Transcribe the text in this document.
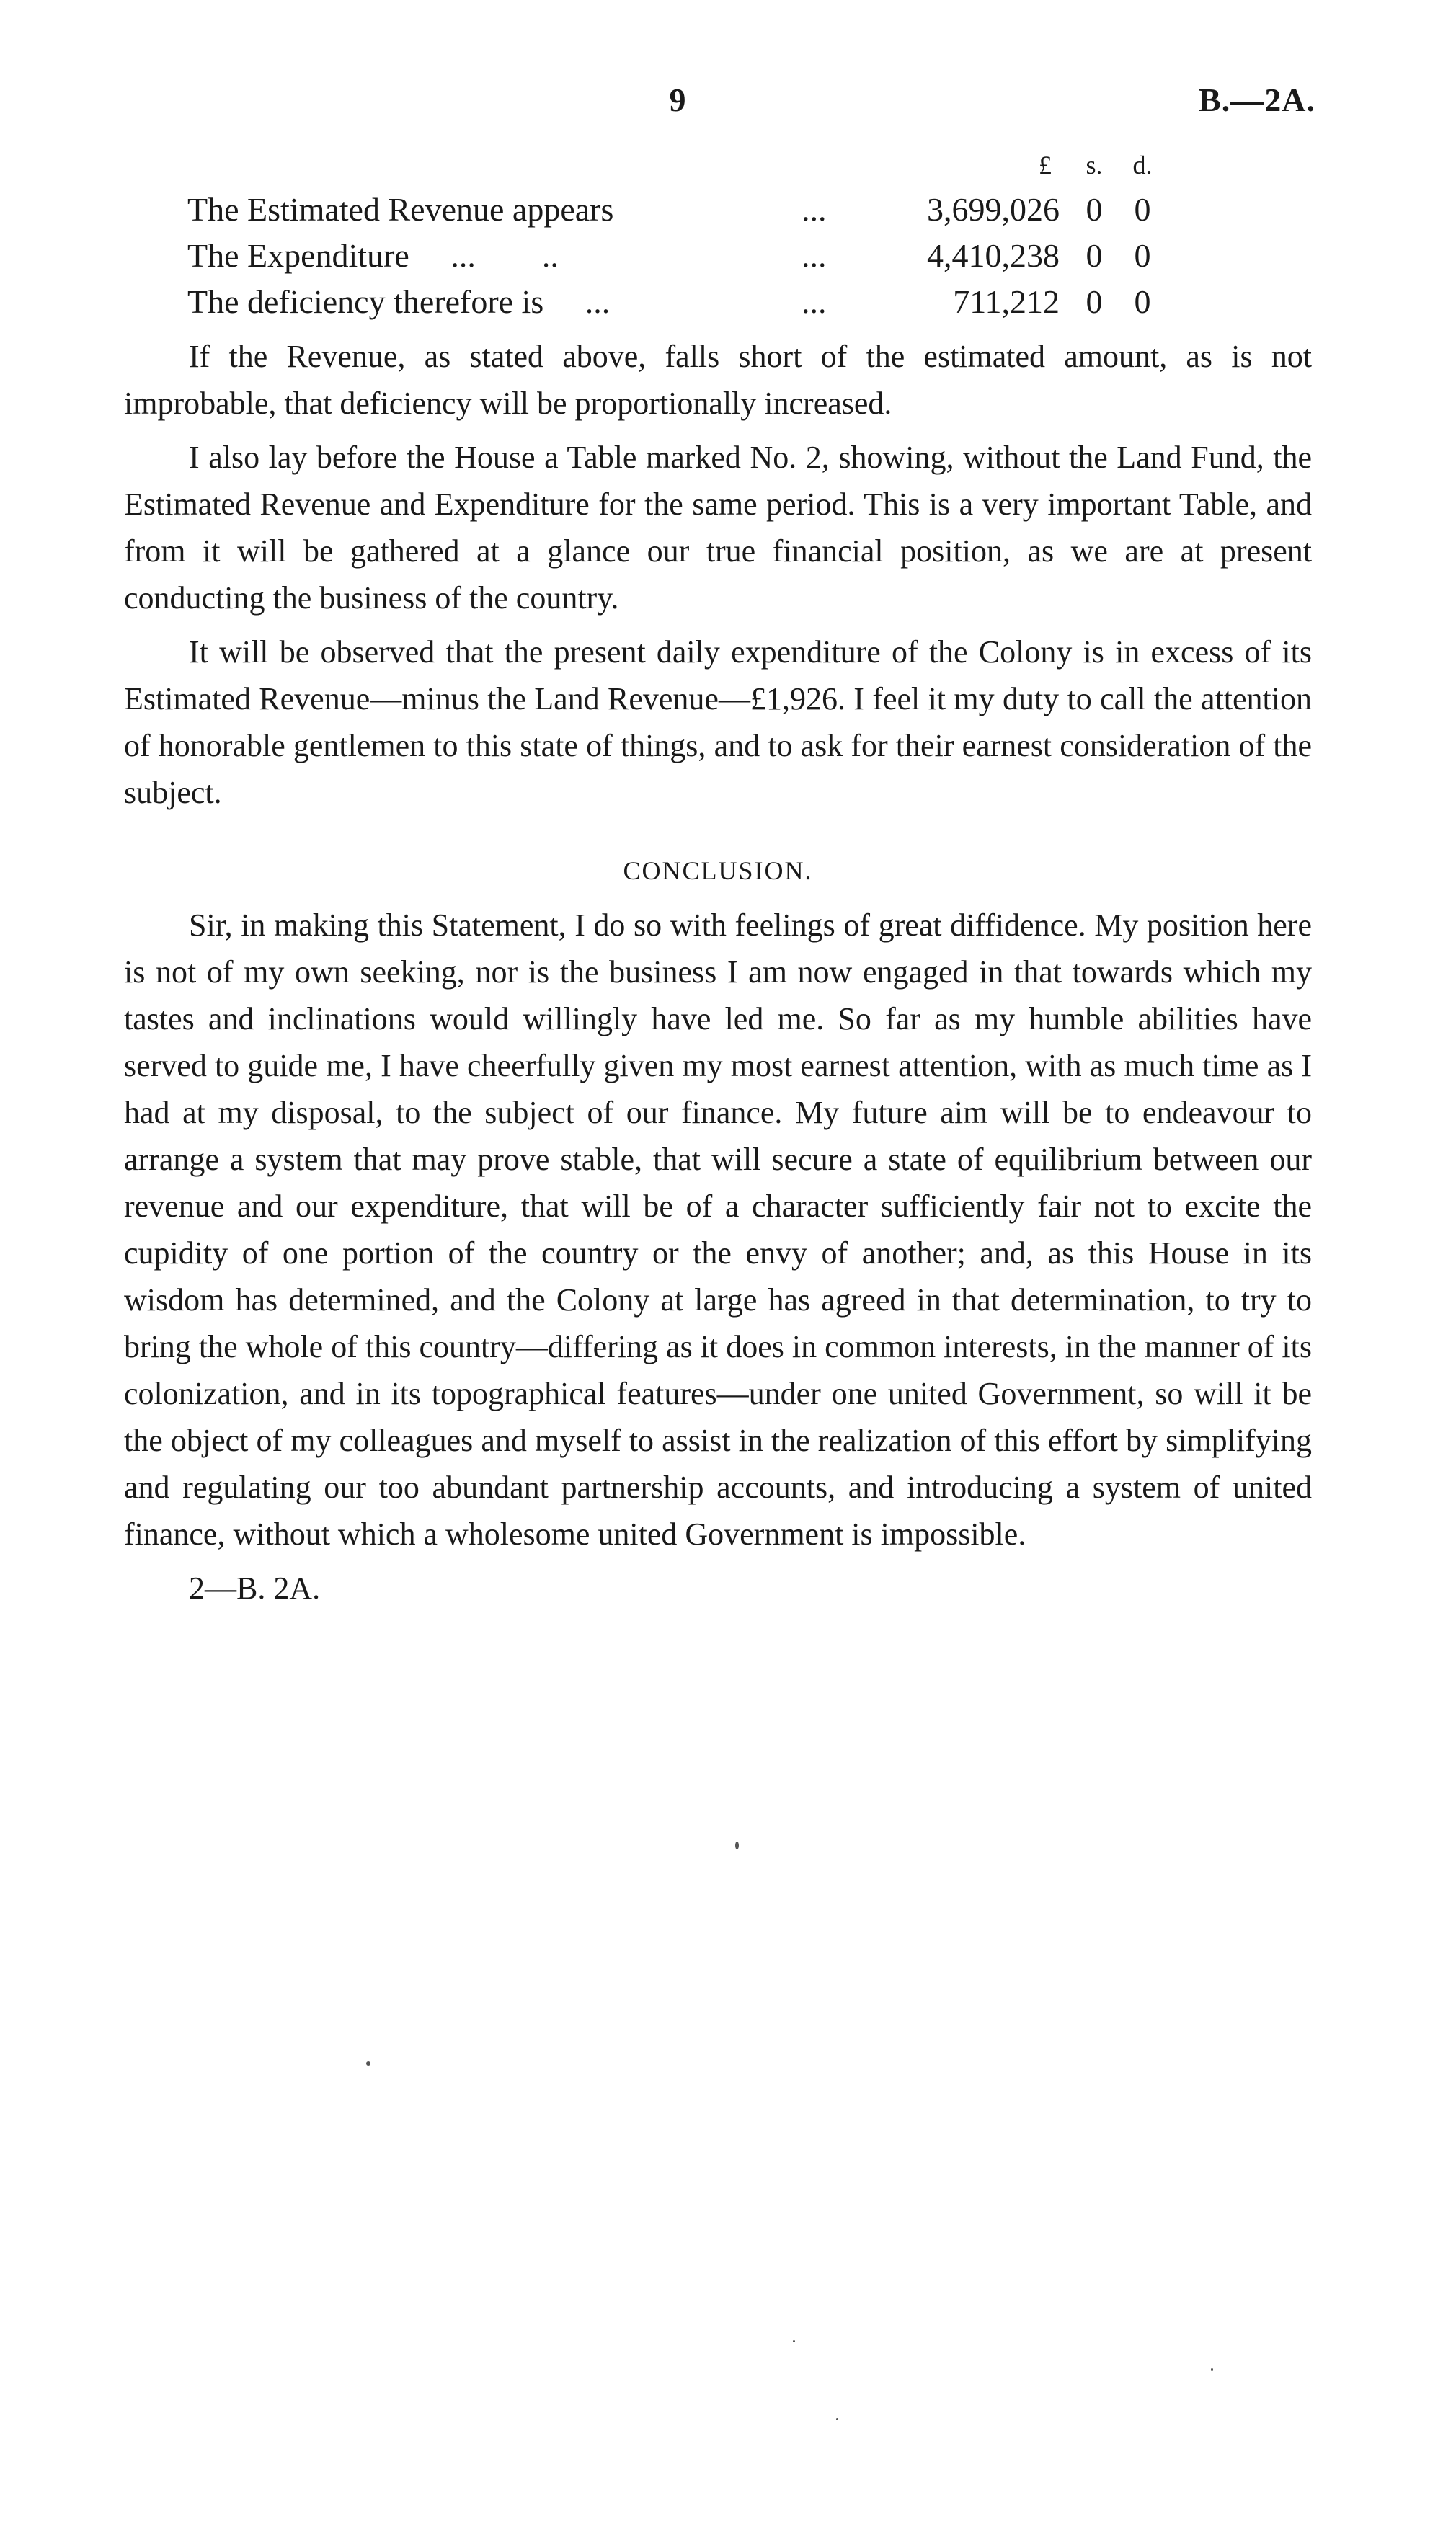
9	B.—2A.
£	s. d.
The Estimated Revenue appears	...	3,699,026 0 0
The Expenditure     ...        ..	...	4,410,238 0 0
The deficiency therefore is     ...	...	711,212 0 0

If the Revenue, as stated above, falls short of the estimated amount, as is not improbable, that deficiency will be proportionally increased.

I also lay before the House a Table marked No. 2, showing, without the Land Fund, the Estimated Revenue and Expenditure for the same period. This is a very important Table, and from it will be gathered at a glance our true financial position, as we are at present conducting the business of the country.

It will be observed that the present daily expenditure of the Colony is in excess of its Estimated Revenue—minus the Land Revenue—£1,926. I feel it my duty to call the attention of honorable gentlemen to this state of things, and to ask for their earnest consideration of the subject.

CONCLUSION.

Sir, in making this Statement, I do so with feelings of great diffidence. My position here is not of my own seeking, nor is the business I am now engaged in that towards which my tastes and inclinations would willingly have led me. So far as my humble abilities have served to guide me, I have cheerfully given my most earnest attention, with as much time as I had at my disposal, to the subject of our finance. My future aim will be to endeavour to arrange a system that may prove stable, that will secure a state of equilibrium between our revenue and our expenditure, that will be of a character sufficiently fair not to excite the cupidity of one portion of the country or the envy of another; and, as this House in its wisdom has determined, and the Colony at large has agreed in that determination, to try to bring the whole of this country—differing as it does in common interests, in the manner of its colonization, and in its topographical features—under one united Government, so will it be the object of my colleagues and myself to assist in the realization of this effort by simplifying and regulating our too abundant partnership accounts, and introducing a system of united finance, without which a wholesome united Government is impossible.

2—B. 2A.
